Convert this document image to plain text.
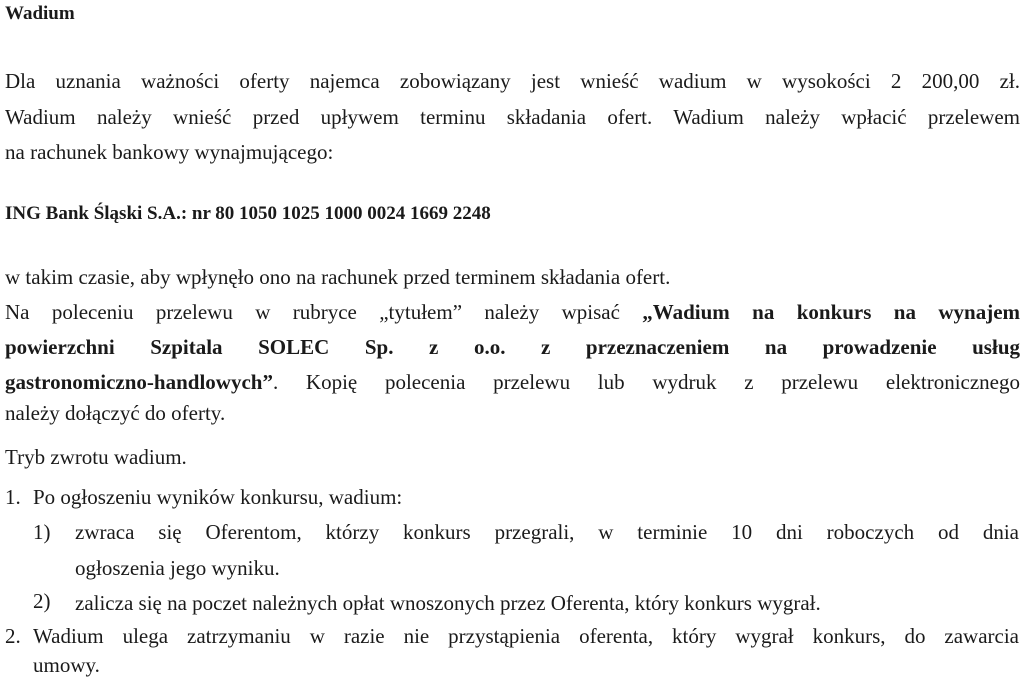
Wadium
Dla uznania ważności oferty najemca zobowiązany jest wnieść wadium w wysokości 2 200,00 zł.
Wadium należy wnieść przed upływem terminu składania ofert. Wadium należy wpłacić przelewem
na rachunek bankowy wynajmującego:
ING Bank Śląski S.A.: nr 80 1050 1025 1000 0024 1669 2248
w takim czasie, aby wpłynęło ono na rachunek przed terminem składania ofert.
Na poleceniu przelewu w rubryce „tytułem” należy wpisać „Wadium na konkurs na wynajem
powierzchni Szpitala SOLEC Sp. z o.o. z przeznaczeniem na prowadzenie usług
gastronomiczno-handlowych”. Kopię polecenia przelewu lub wydruk z przelewu elektronicznego
należy dołączyć do oferty.
Tryb zwrotu wadium.
1. Po ogłoszeniu wyników konkursu, wadium:
1) zwraca się Oferentom, którzy konkurs przegrali, w terminie 10 dni roboczych od dnia
ogłoszenia jego wyniku.
2) zalicza się na poczet należnych opłat wnoszonych przez Oferenta, który konkurs wygrał.
2. Wadium ulega zatrzymaniu w razie nie przystąpienia oferenta, który wygrał konkurs, do zawarcia
umowy.
